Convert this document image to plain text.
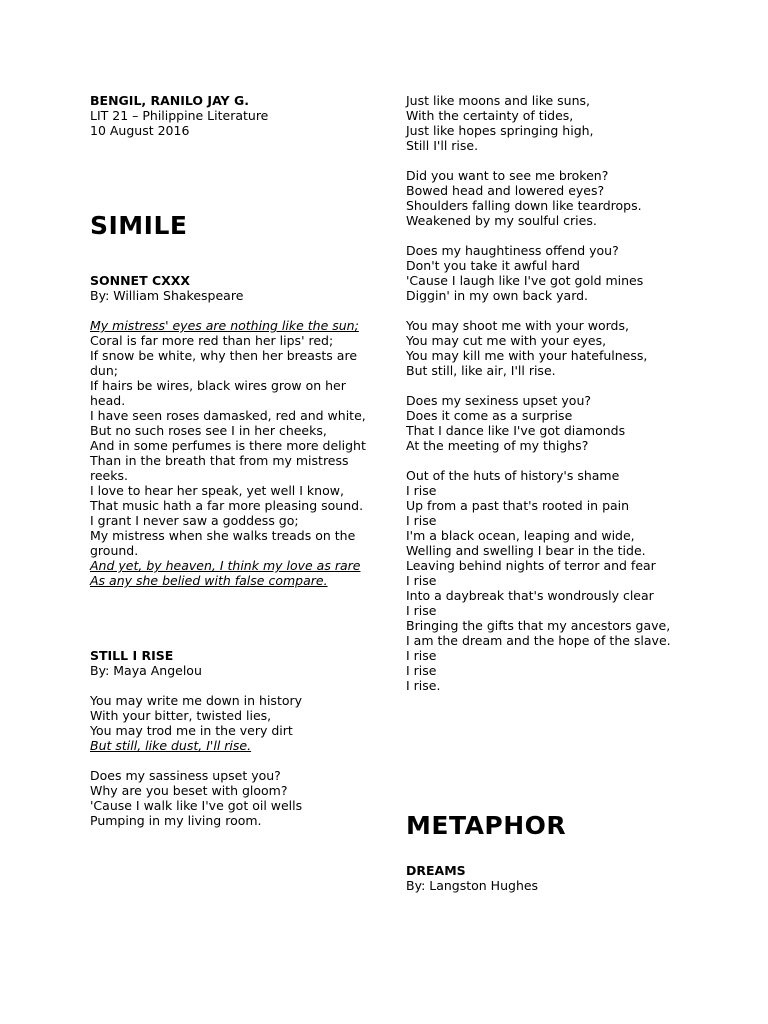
BENGIL, RANILO JAY G.
LIT 21 – Philippine Literature
10 August 2016
SIMILE
SONNET CXXX
By: William Shakespeare
My mistress' eyes are nothing like the sun;
Coral is far more red than her lips' red;
If snow be white, why then her breasts are dun;
If hairs be wires, black wires grow on her head.
I have seen roses damasked, red and white,
But no such roses see I in her cheeks,
And in some perfumes is there more delight
Than in the breath that from my mistress reeks.
I love to hear her speak, yet well I know,
That music hath a far more pleasing sound.
I grant I never saw a goddess go;
My mistress when she walks treads on the ground.
And yet, by heaven, I think my love as rare
As any she belied with false compare.
STILL I RISE
By: Maya Angelou
You may write me down in history
With your bitter, twisted lies,
You may trod me in the very dirt
But still, like dust, I'll rise.
Does my sassiness upset you?
Why are you beset with gloom?
'Cause I walk like I've got oil wells
Pumping in my living room.
Just like moons and like suns,
With the certainty of tides,
Just like hopes springing high,
Still I'll rise.
Did you want to see me broken?
Bowed head and lowered eyes?
Shoulders falling down like teardrops.
Weakened by my soulful cries.
Does my haughtiness offend you?
Don't you take it awful hard
'Cause I laugh like I've got gold mines
Diggin' in my own back yard.
You may shoot me with your words,
You may cut me with your eyes,
You may kill me with your hatefulness,
But still, like air, I'll rise.
Does my sexiness upset you?
Does it come as a surprise
That I dance like I've got diamonds
At the meeting of my thighs?
Out of the huts of history's shame
I rise
Up from a past that's rooted in pain
I rise
I'm a black ocean, leaping and wide,
Welling and swelling I bear in the tide.
Leaving behind nights of terror and fear
I rise
Into a daybreak that's wondrously clear
I rise
Bringing the gifts that my ancestors gave,
I am the dream and the hope of the slave.
I rise
I rise
I rise.
METAPHOR
DREAMS
By: Langston Hughes
